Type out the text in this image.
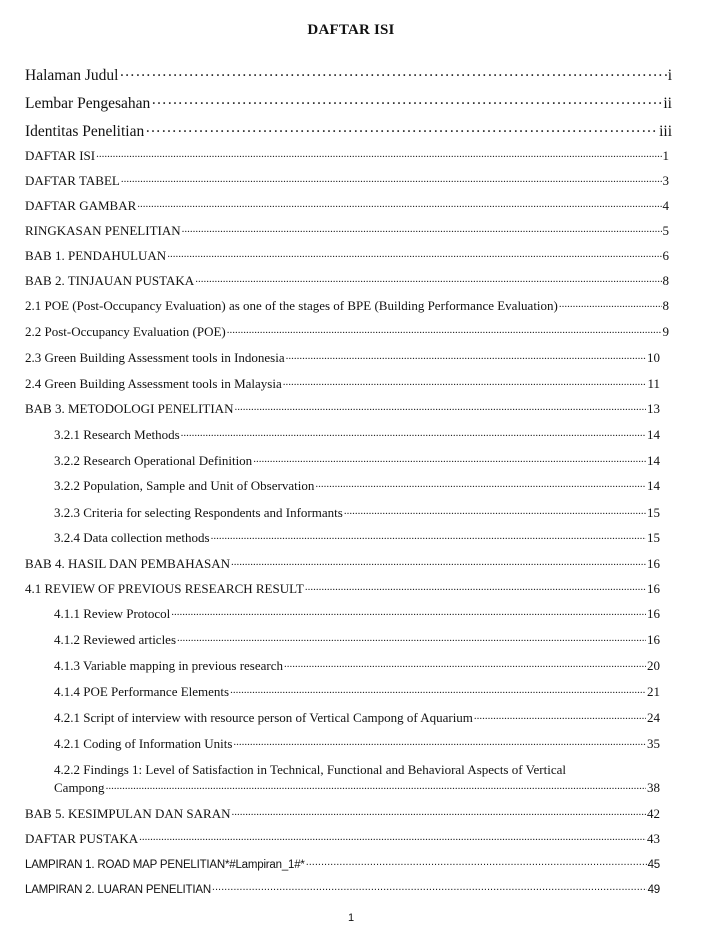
DAFTAR ISI
Halaman Judul …………………………………………………………………………………………………………………………………………………	i
Lembar Pengesahan …………………………………………………………………………………………………………………………………………………	ii
Identitas Penelitian …………………………………………………………………………………………………………………………………………………	iii
DAFTAR ISI .....	1
DAFTAR TABEL .....	3
DAFTAR GAMBAR .....	4
RINGKASAN PENELITIAN .....	5
BAB 1. PENDAHULUAN .....	6
BAB 2. TINJAUAN PUSTAKA .....	8
2.1 POE (Post-Occupancy Evaluation) as one of the stages of BPE (Building Performance Evaluation) .....	8
2.2 Post-Occupancy Evaluation (POE) .....	9
2.3 Green Building Assessment tools in Indonesia .....	10
2.4 Green Building Assessment tools in Malaysia .....	11
BAB 3. METODOLOGI PENELITIAN .....	13
3.2.1 Research Methods .....	14
3.2.2 Research Operational Definition .....	14
3.2.2 Population, Sample and Unit of Observation .....	14
3.2.3 Criteria for selecting Respondents and Informants .....	15
3.2.4 Data collection methods .....	15
BAB 4. HASIL DAN PEMBAHASAN .....	16
4.1 REVIEW OF PREVIOUS RESEARCH RESULT .....	16
4.1.1 Review Protocol .....	16
4.1.2 Reviewed articles .....	16
4.1.3 Variable mapping in previous research .....	20
4.1.4 POE Performance Elements .....	21
4.2.1 Script of interview with resource person of Vertical Campong of Aquarium .....	24
4.2.1 Coding of Information Units .....	35
4.2.2 Findings 1: Level of Satisfaction in Technical, Functional and Behavioral Aspects of Vertical
Campong .....	38
BAB 5. KESIMPULAN DAN SARAN .....	42
DAFTAR PUSTAKA .....	43
LAMPIRAN 1. ROAD MAP PENELITIAN*#Lampiran_1#* .....	45
LAMPIRAN 2. LUARAN PENELITIAN .....	49
1
